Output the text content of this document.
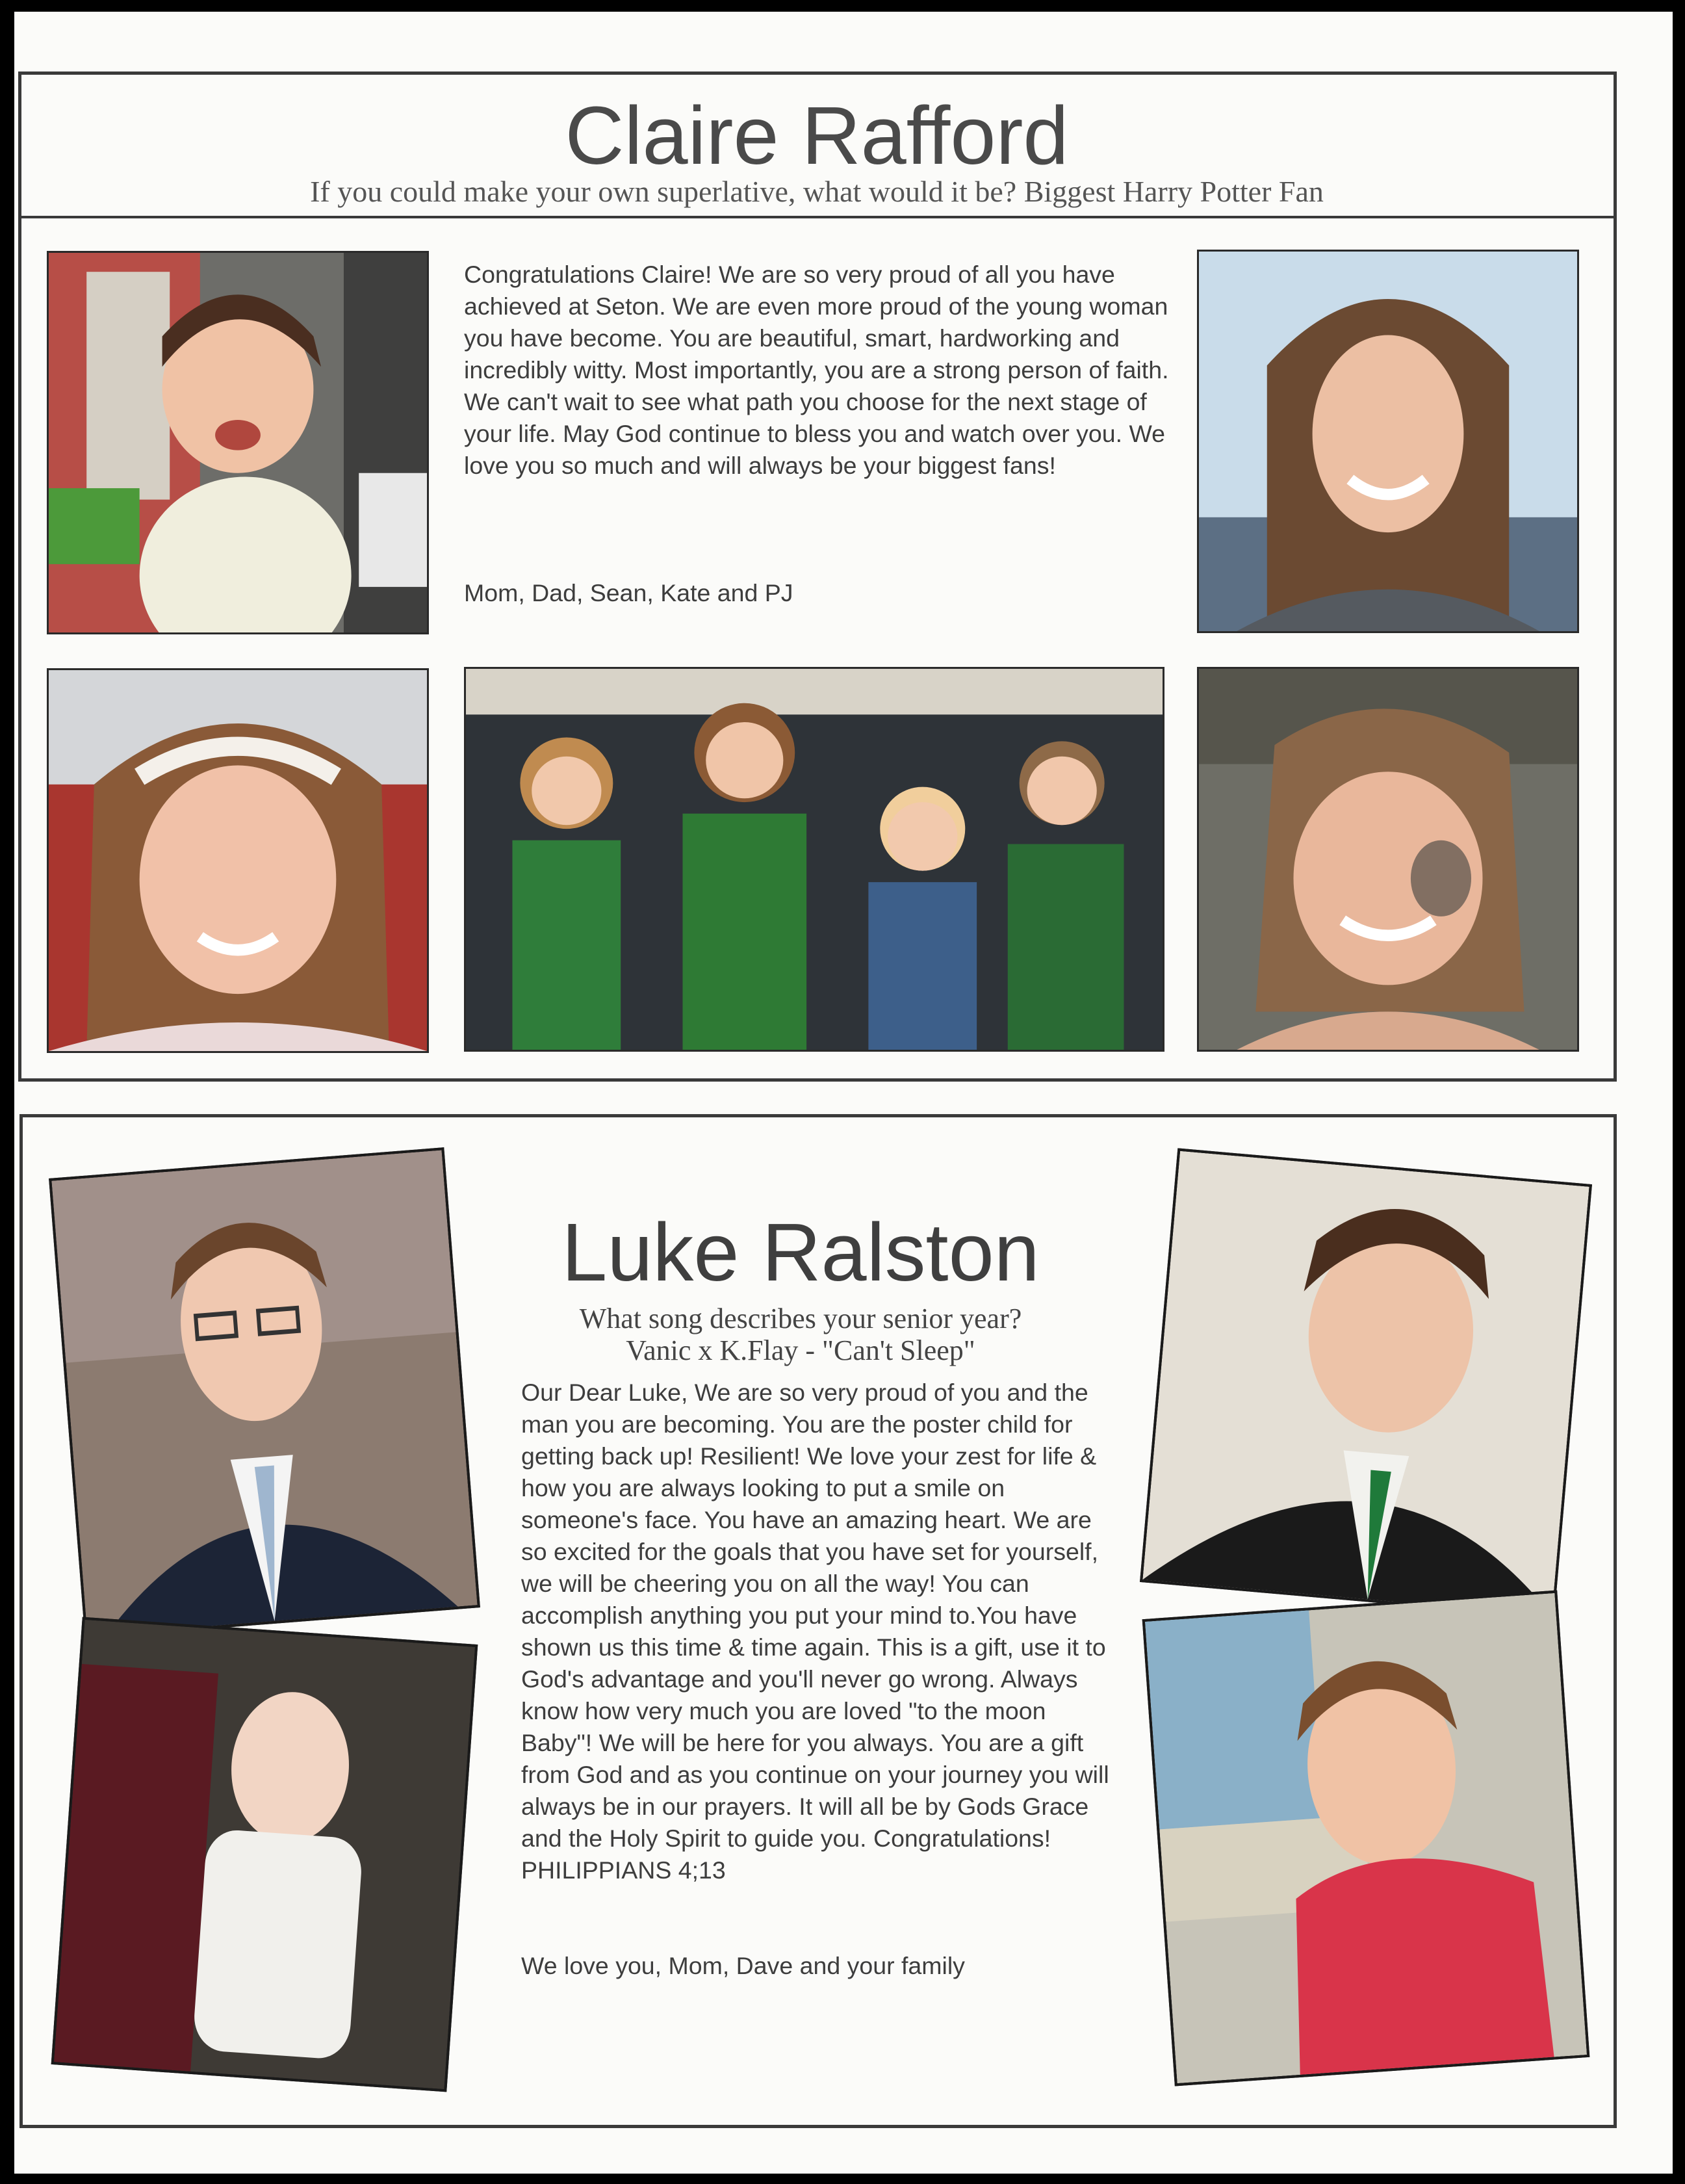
Claire Rafford
If you could make your own superlative, what would it be? Biggest Harry Potter Fan
Congratulations Claire! We are so very proud of all you have achieved at Seton. We are even more proud of the young woman you have become. You are beautiful, smart, hardworking and incredibly witty. Most importantly, you are a strong person of faith. We can't wait to see what path you choose for the next stage of your life. May God continue to bless you and watch over you. We love you so much and will always be your biggest fans!
Mom, Dad, Sean, Kate and PJ
Luke Ralston
What song describes your senior year?
Vanic x K.Flay - "Can't Sleep"
Our Dear Luke, We are so very proud of you and the man you are becoming. You are the poster child for getting back up! Resilient! We love your zest for life & how you are always looking to put a smile on someone's face. You have an amazing heart. We are so excited for the goals that you have set for yourself, we will be cheering you on all the way! You can accomplish anything you put your mind to.You have shown us this time & time again. This is a gift, use it to God's advantage and you'll never go wrong. Always know how very much you are loved "to the moon Baby"! We will be here for you always. You are a gift from God and as you continue on your journey you will always be in our prayers. It will all be by Gods Grace and the Holy Spirit to guide you. Congratulations! PHILIPPIANS 4;13
We love you, Mom, Dave and your family
